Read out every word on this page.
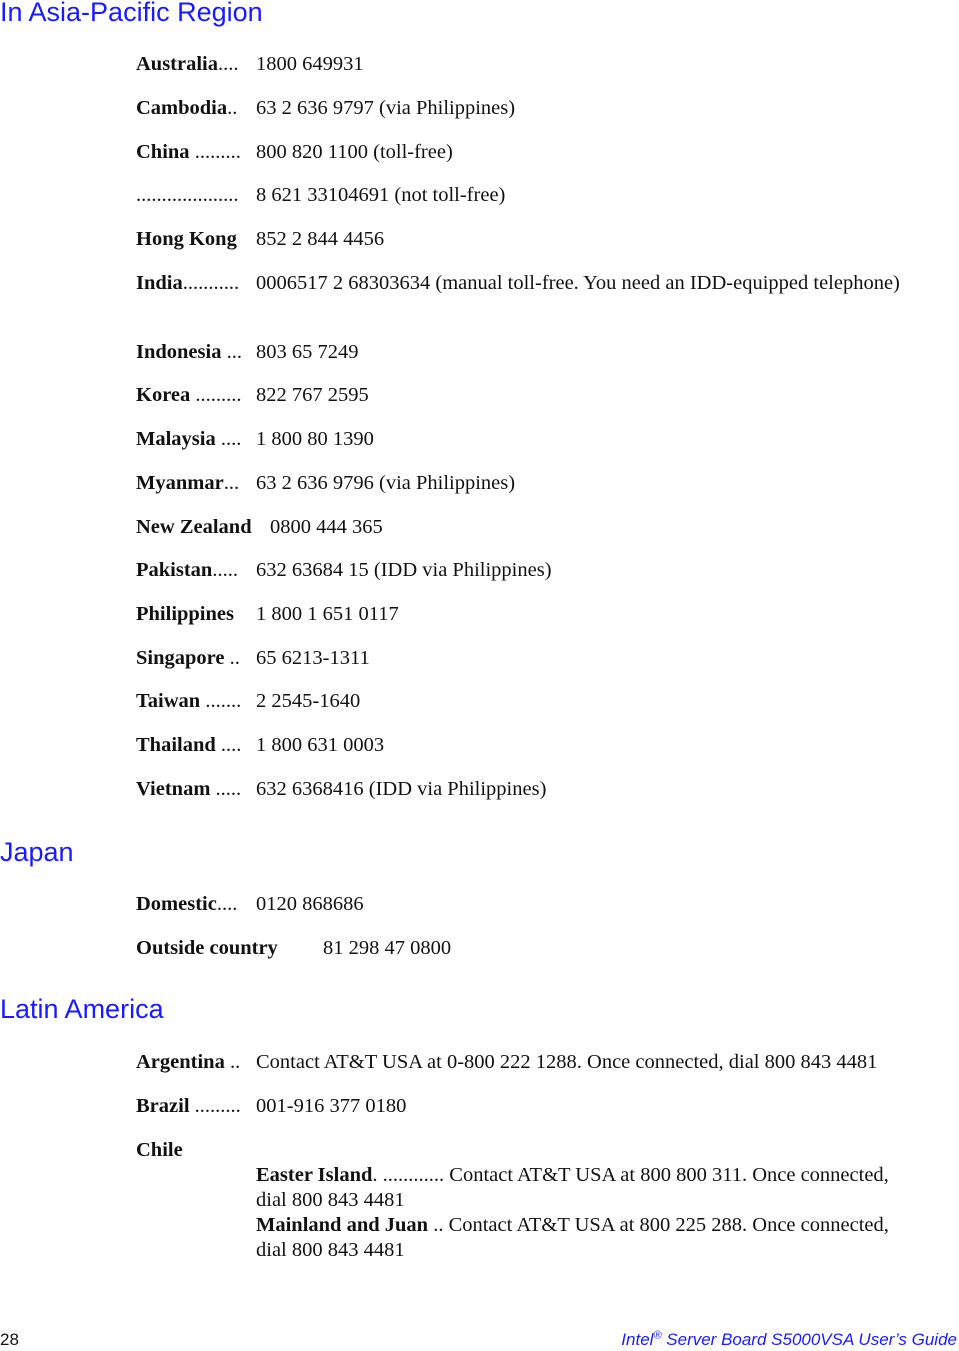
In Asia-Pacific Region
Australia.... 1800 649931
Cambodia.. 63 2 636 9797 (via Philippines)
China ......... 800 820 1100 (toll-free)
.................... 8 621 33104691 (not toll-free)
Hong Kong 852 2 844 4456
India........... 0006517 2 68303634 (manual toll-free. You need an IDD-equipped telephone)
Indonesia ... 803 65 7249
Korea ......... 822 767 2595
Malaysia .... 1 800 80 1390
Myanmar... 63 2 636 9796 (via Philippines)
New Zealand 0800 444 365
Pakistan..... 632 63684 15 (IDD via Philippines)
Philippines 1 800 1 651 0117
Singapore .. 65 6213-1311
Taiwan ....... 2 2545-1640
Thailand .... 1 800 631 0003
Vietnam ..... 632 6368416 (IDD via Philippines)
Japan
Domestic.... 0120 868686
Outside country 81 298 47 0800
Latin America
Argentina .. Contact AT&T USA at 0-800 222 1288. Once connected, dial 800 843 4481
Brazil ......... 001-916 377 0180
Chile
Easter Island. ............ Contact AT&T USA at 800 800 311. Once connected, dial 800 843 4481
Mainland and Juan .. Contact AT&T USA at 800 225 288. Once connected, dial 800 843 4481
28	Intel® Server Board S5000VSA User’s Guide
